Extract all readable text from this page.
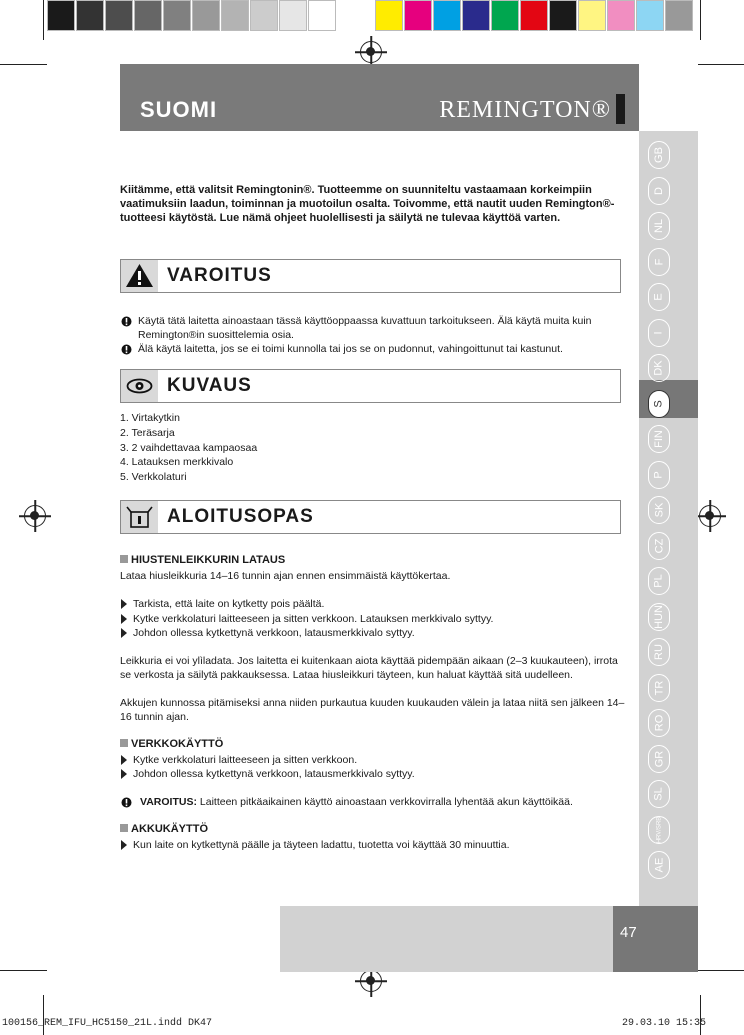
SUOMI	REMINGTON®
GB
D
NL
F
E
I
DK
S
FIN
P
SK
CZ
PL
HUN
RU
TR
RO
GR
SL
HRV/SRB
AE
Kiitämme, että valitsit Remingtonin®. Tuotteemme on suunniteltu vastaamaan korkeimpiin vaatimuksiin laadun, toiminnan ja muotoilun osalta. Toivomme, että nautit uuden Remington®-tuotteesi käytöstä. Lue nämä ohjeet huolellisesti ja säilytä ne tulevaa käyttöä varten.
VAROITUS
Käytä tätä laitetta ainoastaan tässä käyttöoppaassa kuvattuun tarkoitukseen. Älä käytä muita kuin Remington®in suosittelemia osia.
Älä käytä laitetta, jos se ei toimi kunnolla tai jos se on pudonnut, vahingoittunut tai kastunut.
KUVAUS
1. Virtakytkin
2. Teräsarja
3. 2 vaihdettavaa kampaosaa
4. Latauksen merkkivalo
5. Verkkolaturi
ALOITUSOPAS
HIUSTENLEIKKURIN LATAUS
Lataa hiusleikkuria 14–16 tunnin ajan ennen ensimmäistä käyttökertaa.
Tarkista, että laite on kytketty pois päältä.
Kytke verkkolaturi laitteeseen ja sitten verkkoon. Latauksen merkkivalo syttyy.
Johdon ollessa kytkettynä verkkoon, latausmerkkivalo syttyy.
Leikkuria ei voi ylìladata. Jos laitetta ei kuitenkaan aiota käyttää pidempään aikaan (2–3 kuukauteen), irrota se verkosta ja säilytä pakkauksessa. Lataa hiusleikkuri täyteen, kun haluat käyttää sitä uudelleen.
Akkujen kunnossa pitämiseksi anna niiden purkautua kuuden kuukauden välein ja lataa niitä sen jälkeen 14–16 tunnin ajan.
VERKKOKÄYTTÖ
Kytke verkkolaturi laitteeseen ja sitten verkkoon.
Johdon ollessa kytkettynä verkkoon, latausmerkkivalo syttyy.
VAROITUS: Laitteen pitkäaikainen käyttö ainoastaan verkkovirralla lyhentää akun käyttöikää.
AKKUKÄYTTÖ
Kun laite on kytkettynä päälle ja täyteen ladattu, tuotetta voi käyttää 30 minuuttia.
47
100156_REM_IFU_HC5150_21L.indd DK47	29.03.10 15:35
